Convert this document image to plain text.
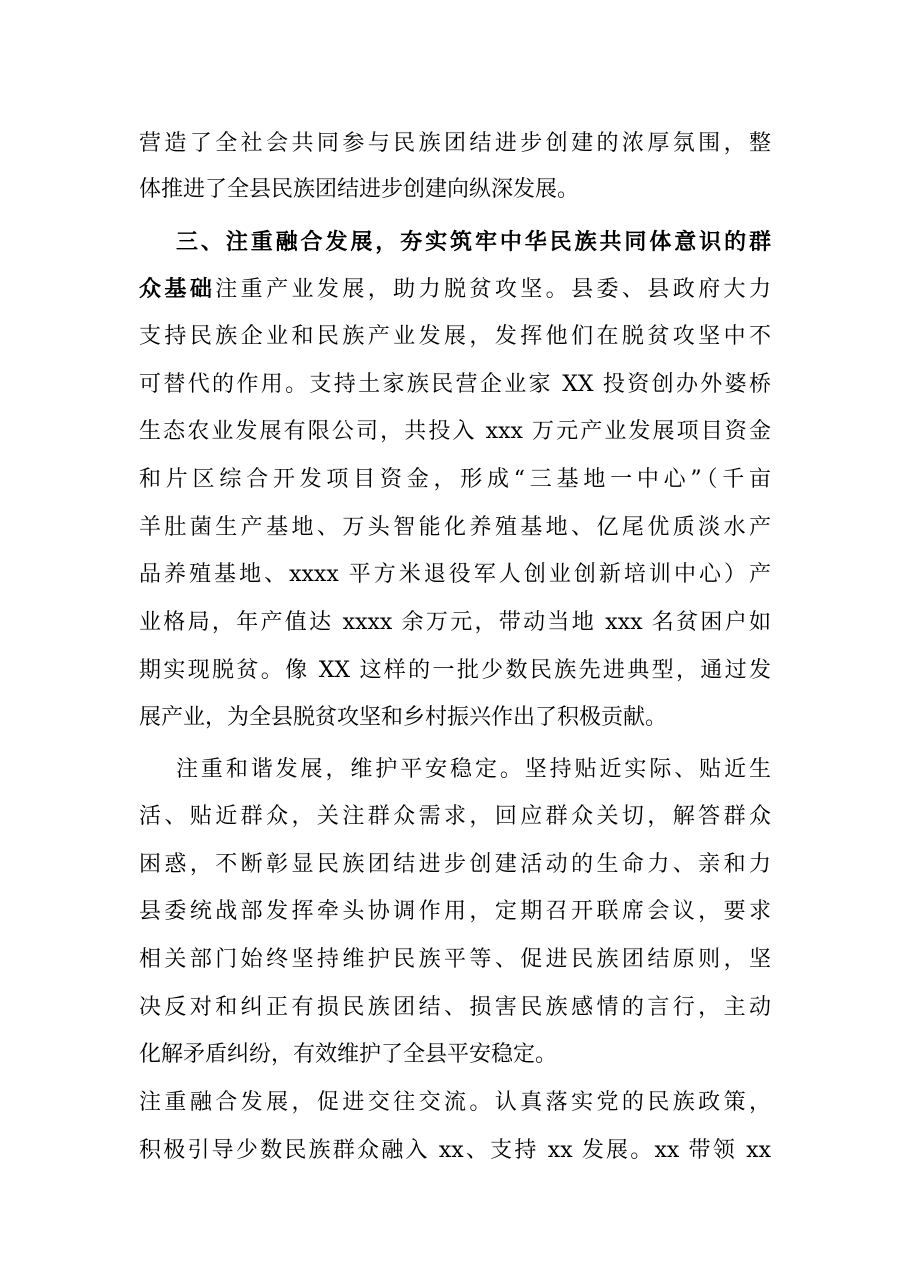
营造了全社会共同参与民族团结进步创建的浓厚氛围，整
体推进了全县民族团结进步创建向纵深发展。
三、注重融合发展，夯实筑牢中华民族共同体意识的群
众基础注重产业发展，助力脱贫攻坚。县委、县政府大力
支持民族企业和民族产业发展，发挥他们在脱贫攻坚中不
可替代的作用。支持土家族民营企业家 XX 投资创办外婆桥
生态农业发展有限公司，共投入 xxx 万元产业发展项目资金
和片区综合开发项目资金，形成“三基地一中心”（千亩
羊肚菌生产基地、万头智能化养殖基地、亿尾优质淡水产
品养殖基地、xxxx 平方米退役军人创业创新培训中心）产
业格局，年产值达 xxxx 余万元，带动当地 xxx 名贫困户如
期实现脱贫。像 XX 这样的一批少数民族先进典型，通过发
展产业，为全县脱贫攻坚和乡村振兴作出了积极贡献。
注重和谐发展，维护平安稳定。坚持贴近实际、贴近生
活、贴近群众，关注群众需求，回应群众关切，解答群众
困惑，不断彰显民族团结进步创建活动的生命力、亲和力
县委统战部发挥牵头协调作用，定期召开联席会议，要求
相关部门始终坚持维护民族平等、促进民族团结原则，坚
决反对和纠正有损民族团结、损害民族感情的言行，主动
化解矛盾纠纷，有效维护了全县平安稳定。
注重融合发展，促进交往交流。认真落实党的民族政策，
积极引导少数民族群众融入 xx、支持 xx 发展。xx 带领 xx
